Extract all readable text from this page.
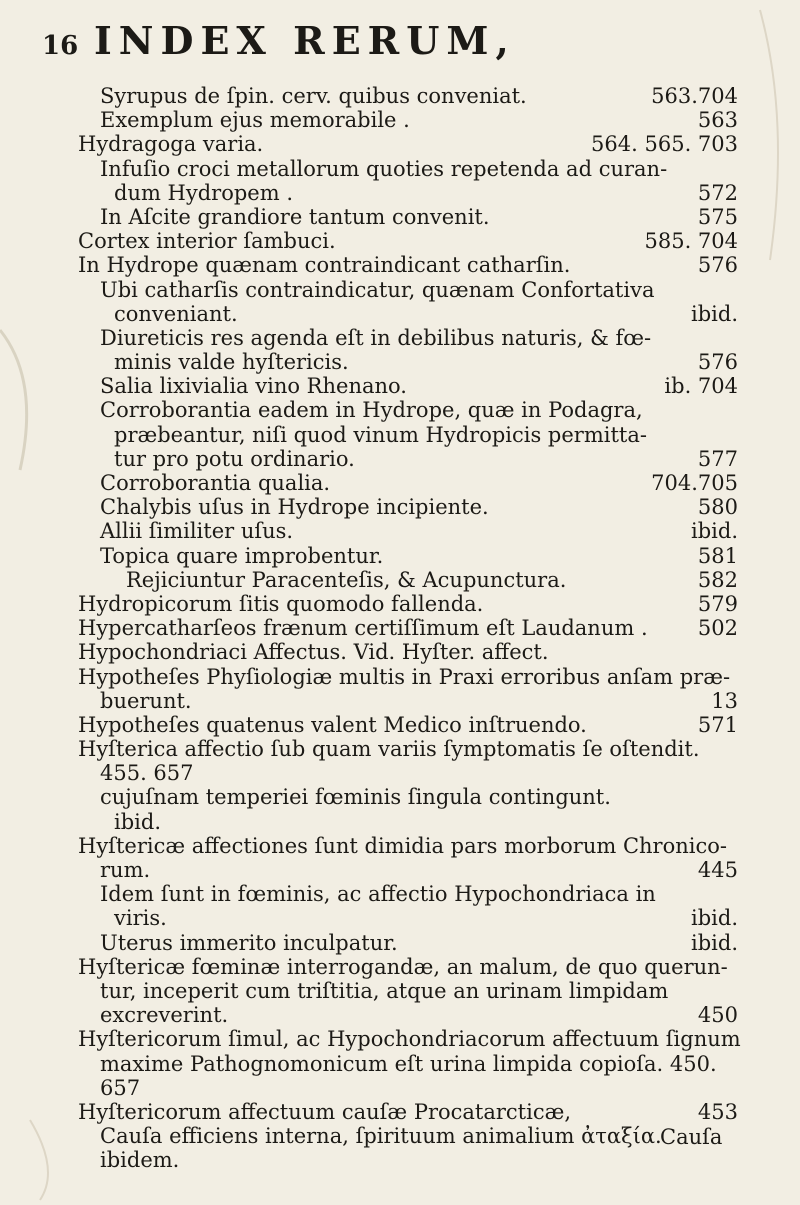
16 INDEX RERUM,
Syrupus de ſpin. cerv. quibus conveniat.	563.704
Exemplum ejus memorabile .	563
Hydragoga varia.	564. 565. 703
Infuſio croci metallorum quoties repetenda ad curan-
dum Hydropem .	572
In Aſcite grandiore tantum convenit.	575
Cortex interior ſambuci.	585. 704
In Hydrope quænam contraindicant catharſin.	576
Ubi catharſis contraindicatur, quænam Confortativa
conveniant.	ibid.
Diureticis res agenda eſt in debilibus naturis, & fœ-
minis valde hyſtericis.	576
Salia lixivialia vino Rhenano.	ib. 704
Corroborantia eadem in Hydrope, quæ in Podagra,
præbeantur, niſi quod vinum Hydropicis permitta-
tur pro potu ordinario.	577
Corroborantia qualia.	704.705
Chalybis uſus in Hydrope incipiente.	580
Allii ſimiliter uſus.	ibid.
Topica quare improbentur.	581
Rejiciuntur Paracenteſis, & Acupunctura.	582
Hydropicorum ſitis quomodo fallenda.	579
Hypercatharſeos frænum certiſſimum eſt Laudanum . 502
Hypochondriaci Affectus. Vid. Hyſter. affect.
Hypotheſes Phyſiologiæ multis in Praxi erroribus anſam præ-
buerunt.	13
Hypotheſes quatenus valent Medico inſtruendo.	571
Hyſterica affectio ſub quam variis ſymptomatis ſe oſtendit.
455. 657
cujuſnam temperiei fœminis ſingula contingunt.
ibid.
Hyſtericæ affectiones ſunt dimidia pars morborum Chronico-
rum.	445
Idem ſunt in fœminis, ac affectio Hypochondriaca in
viris.	ibid.
Uterus immerito inculpatur.	ibid.
Hyſtericæ fœminæ interrogandæ, an malum, de quo querun-
tur, inceperit cum triſtitia, atque an urinam limpidam
excreverint.	450
Hyſtericorum ſimul, ac Hypochondriacorum affectuum ſignum
maxime Pathognomonicum eſt urina limpida copioſa. 450.
657
Hyſtericorum affectuum cauſæ Procatarcticæ,	453
Cauſa efficiens interna, ſpirituum animalium ἀταξία.
ibidem.
Cauſa
